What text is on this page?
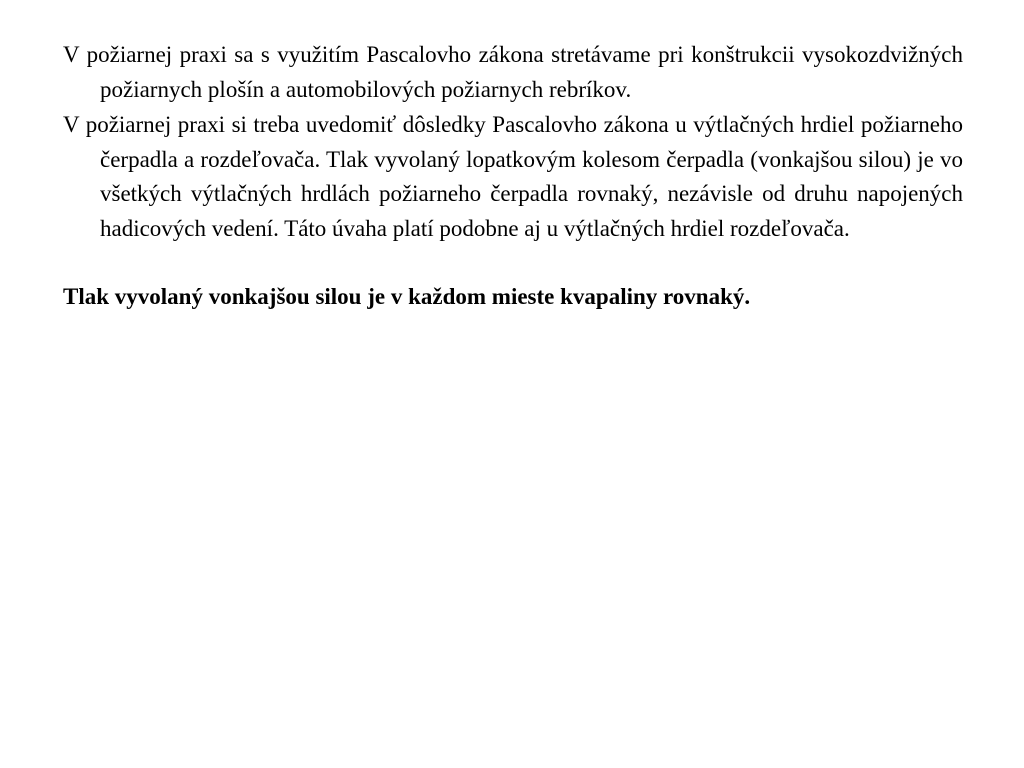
V požiarnej praxi sa s využitím Pascalovho zákona stretávame pri konštrukcii vysokozdvižných požiarnych plošín a automobilových požiarnych rebríkov.

V požiarnej praxi si treba uvedomiť dôsledky Pascalovho zákona u výtlačných hrdiel požiarneho čerpadla a rozdeľovača. Tlak vyvolaný lopatkovým kolesom čerpadla (vonkajšou silou) je vo všetkých výtlačných hrdlách požiarneho čerpadla rovnaký, nezávisle od druhu napojených hadicových vedení. Táto úvaha platí podobne aj u výtlačných hrdiel rozdeľovača.

Tlak vyvolaný vonkajšou silou je v každom mieste kvapaliny rovnaký.
